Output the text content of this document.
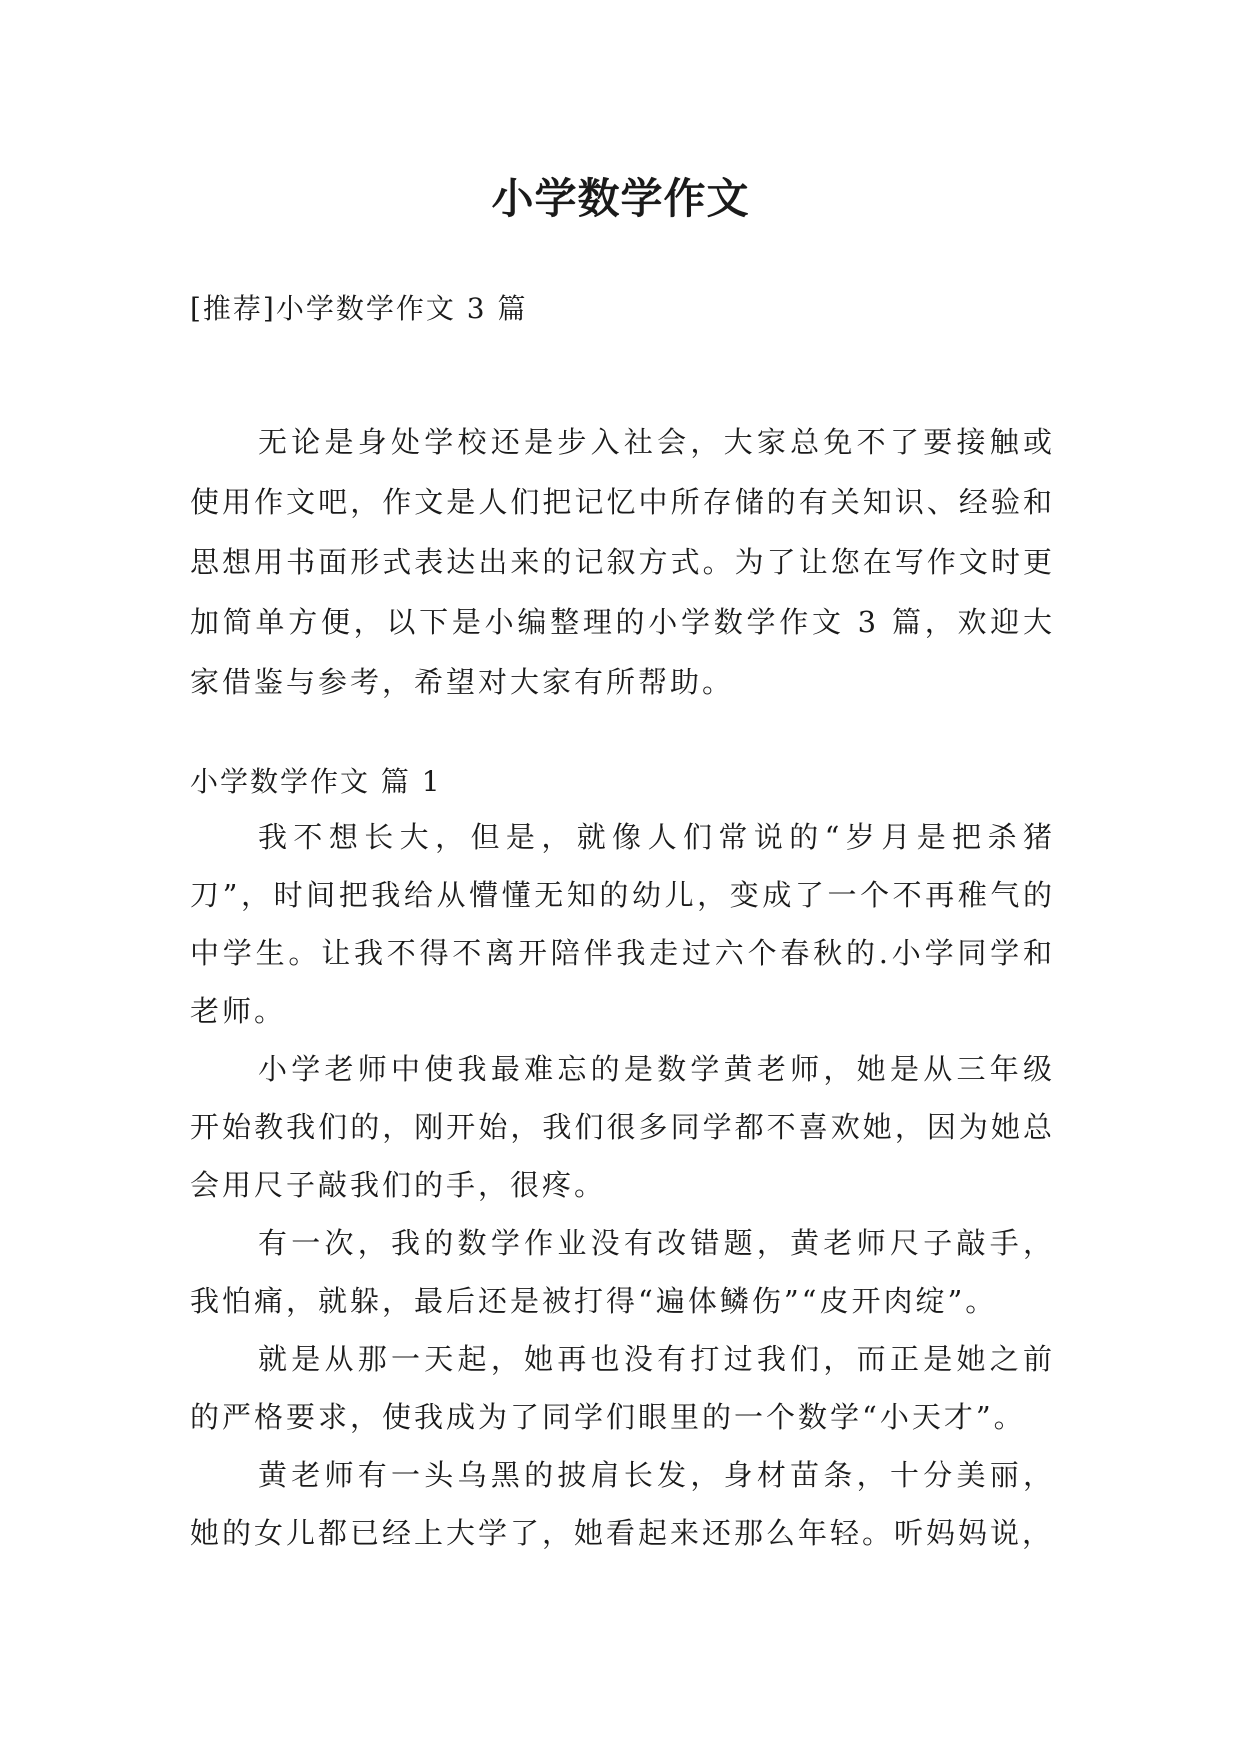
小学数学作文
[推荐]小学数学作文 3 篇

无论是身处学校还是步入社会，大家总免不了要接触或使用作文吧，作文是人们把记忆中所存储的有关知识、经验和思想用书面形式表达出来的记叙方式。为了让您在写作文时更加简单方便，以下是小编整理的小学数学作文 3 篇，欢迎大家借鉴与参考，希望对大家有所帮助。

小学数学作文 篇 1

我不想长大，但是，就像人们常说的“岁月是把杀猪刀”，时间把我给从懵懂无知的幼儿，变成了一个不再稚气的中学生。让我不得不离开陪伴我走过六个春秋的.小学同学和老师。

小学老师中使我最难忘的是数学黄老师，她是从三年级开始教我们的，刚开始，我们很多同学都不喜欢她，因为她总会用尺子敲我们的手，很疼。

有一次，我的数学作业没有改错题，黄老师尺子敲手，我怕痛，就躲，最后还是被打得“遍体鳞伤”“皮开肉绽”。

就是从那一天起，她再也没有打过我们，而正是她之前的严格要求，使我成为了同学们眼里的一个数学“小天才”。

黄老师有一头乌黑的披肩长发，身材苗条，十分美丽，她的女儿都已经上大学了，她看起来还那么年轻。听妈妈说，
